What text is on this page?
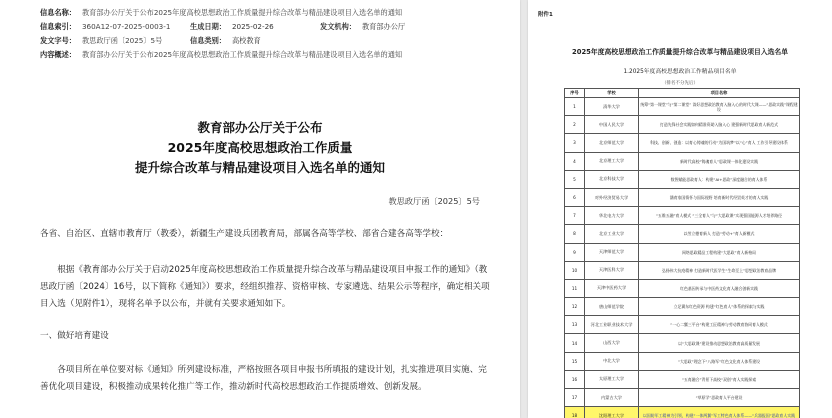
信息名称： 教育部办公厅关于公布2025年度高校思想政治工作质量提升综合改革与精品建设项目入选名单的通知
信息索引： 360A12-07-2025-0003-1	生成日期： 2025-02-26	发文机构： 教育部办公厅
发文字号： 教思政厅函〔2025〕5号	信息类别： 高校教育
内容概述： 教育部办公厅关于公布2025年度高校思想政治工作质量提升综合改革与精品建设项目入选名单的通知
教育部办公厅关于公布
2025年度高校思想政治工作质量
提升综合改革与精品建设项目入选名单的通知
教思政厅函〔2025〕5号
各省、自治区、直辖市教育厅（教委），新疆生产建设兵团教育局，部属各高等学校、部省合建各高等学校：
根据《教育部办公厅关于启动2025年度高校思想政治工作质量提升综合改革与精品建设项目申报工作的通知》（教思政厅函〔2024〕16号，以下简称《通知》）要求，经组织推荐、资格审核、专家遴选、结果公示等程序，确定相关项目入选（见附件1），现将名单予以公布，并就有关要求通知如下。
一、做好培育建设
各项目所在单位要对标《通知》所列建设标准，严格按照各项目申报书所填报的建设计划，扎实推进项目实施、完善优化项目建设，积极推动成果转化推广等工作，推动新时代高校思想政治工作提质增效、创新发展。
附件1
2025年度高校思想政治工作质量提升综合改革与精品建设项目入选名单
1.2025年度高校思想政治工作精品项目名单
（排名不分先后）
序号	学校	项目名称
1	清华大学	统筹“第一课堂”与“第二课堂” 读好思想政治教育入脑入心的时代大课——“思政实践”课程建设
2	中国人民大学	打造先锋社会实践如何精准资助入脑入心 建强新时代思政育人新范式
3	北京师范大学	科技、创新、创造：以育心铸魂的行动“为国筑梦”以“心”育人 工作引导建设体系
4	北京理工大学	新时代高校“铸魂育人”思政课一体化建设实践
5	北京科技大学	数智赋能思政育人：构建“AI+思政”深度融合的育人体系
6	对外经济贸易大学	涵育家国情怀与国际视野 培育新时代经贸英才的育人实践
7	华北电力大学	“五维五融”育人模式 “三全育人”与“大思政课”实现强国能源人才培养路径
8	北京工业大学	以劳立德育新人 打造“劳动+”育人新模式
9	天津师范大学	网络思政精品工程构建“大思政”育人新格局
10	天津医科大学	弘扬伟大抗疫精神 打造新时代医学生“生命至上”思想政治教育品牌
11	天津中医药大学	红色基因传承与中医药文化育人融合创新实践
12	唐山师范学院	立足冀东红色资源 构建“红色育人”体系的探索与实践
13	河北工业职业技术大学	“一心二翼三平台”构建工匠精神与劳动教育协同育人模式
14	山西大学	以“大思政课”建设推动思想政治教育高质量发展
15	中北大学	“大思政”理念下“八路军”红色文化育人体系建设
16	太原理工大学	“五育融合”背景下高校“双创”育人实践探索
17	内蒙古大学	“草原学”思政育人平台建设
18	沈阳理工大学	以国防军工精神为引领，构建“一体两翼”军工特色育人体系——“兵器报国”思政育人实践
